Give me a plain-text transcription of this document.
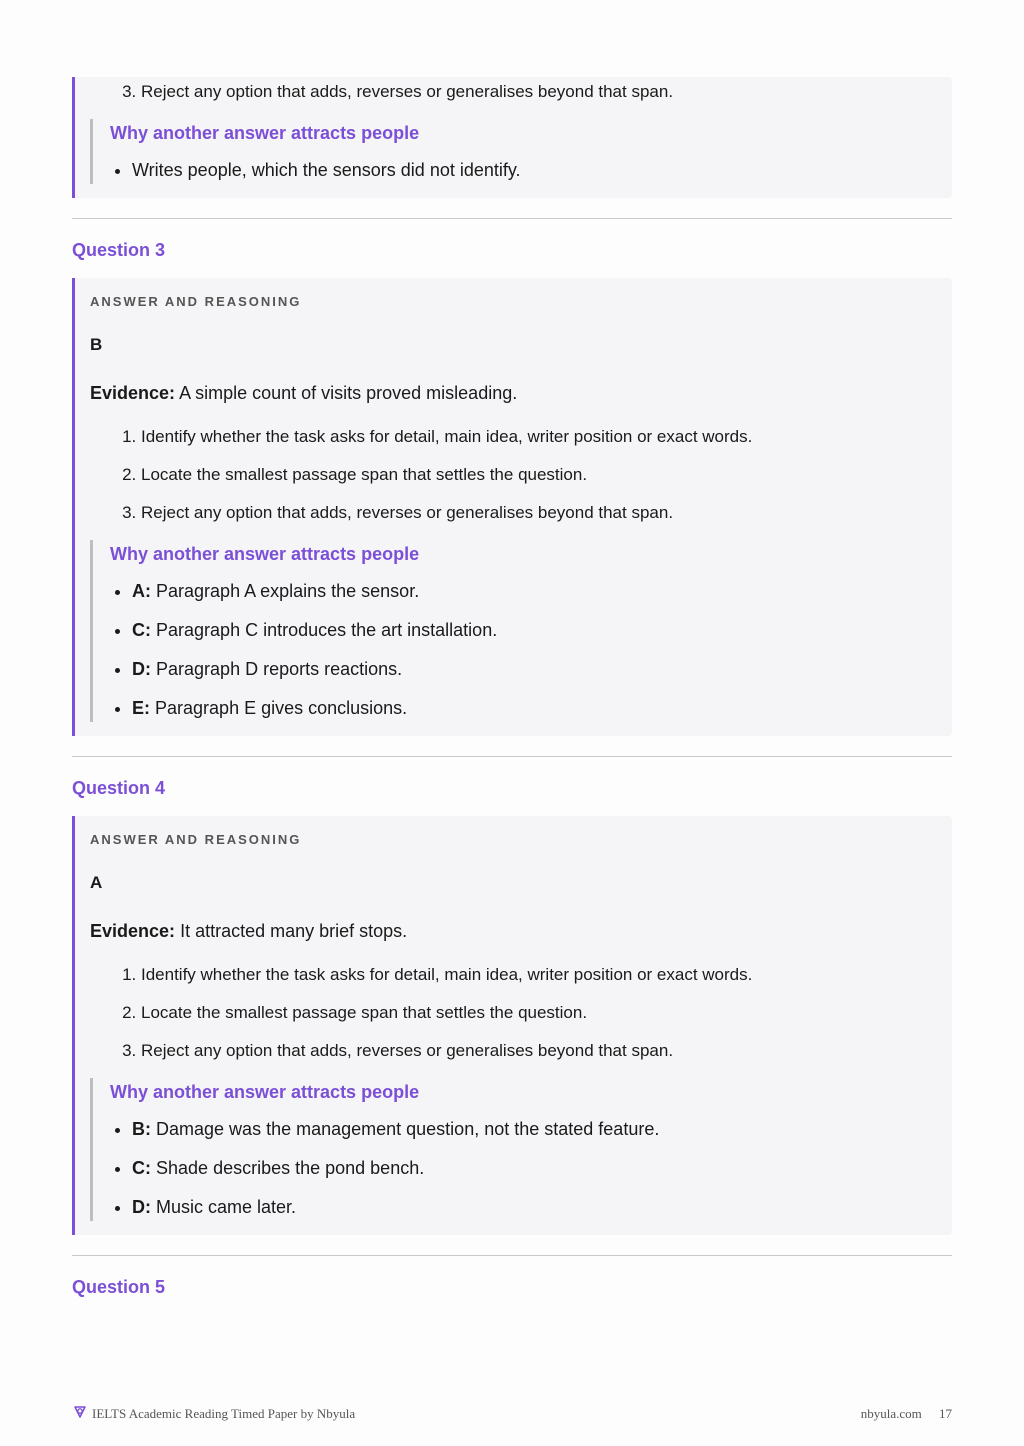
3. Reject any option that adds, reverses or generalises beyond that span.
Why another answer attracts people
• Writes people, which the sensors did not identify.
Question 3
ANSWER AND REASONING
B
Evidence: A simple count of visits proved misleading.
1. Identify whether the task asks for detail, main idea, writer position or exact words.
2. Locate the smallest passage span that settles the question.
3. Reject any option that adds, reverses or generalises beyond that span.
Why another answer attracts people
• A: Paragraph A explains the sensor.
• C: Paragraph C introduces the art installation.
• D: Paragraph D reports reactions.
• E: Paragraph E gives conclusions.
Question 4
ANSWER AND REASONING
A
Evidence: It attracted many brief stops.
1. Identify whether the task asks for detail, main idea, writer position or exact words.
2. Locate the smallest passage span that settles the question.
3. Reject any option that adds, reverses or generalises beyond that span.
Why another answer attracts people
• B: Damage was the management question, not the stated feature.
• C: Shade describes the pond bench.
• D: Music came later.
Question 5
IELTS Academic Reading Timed Paper by Nbyula	nbyula.com 17
